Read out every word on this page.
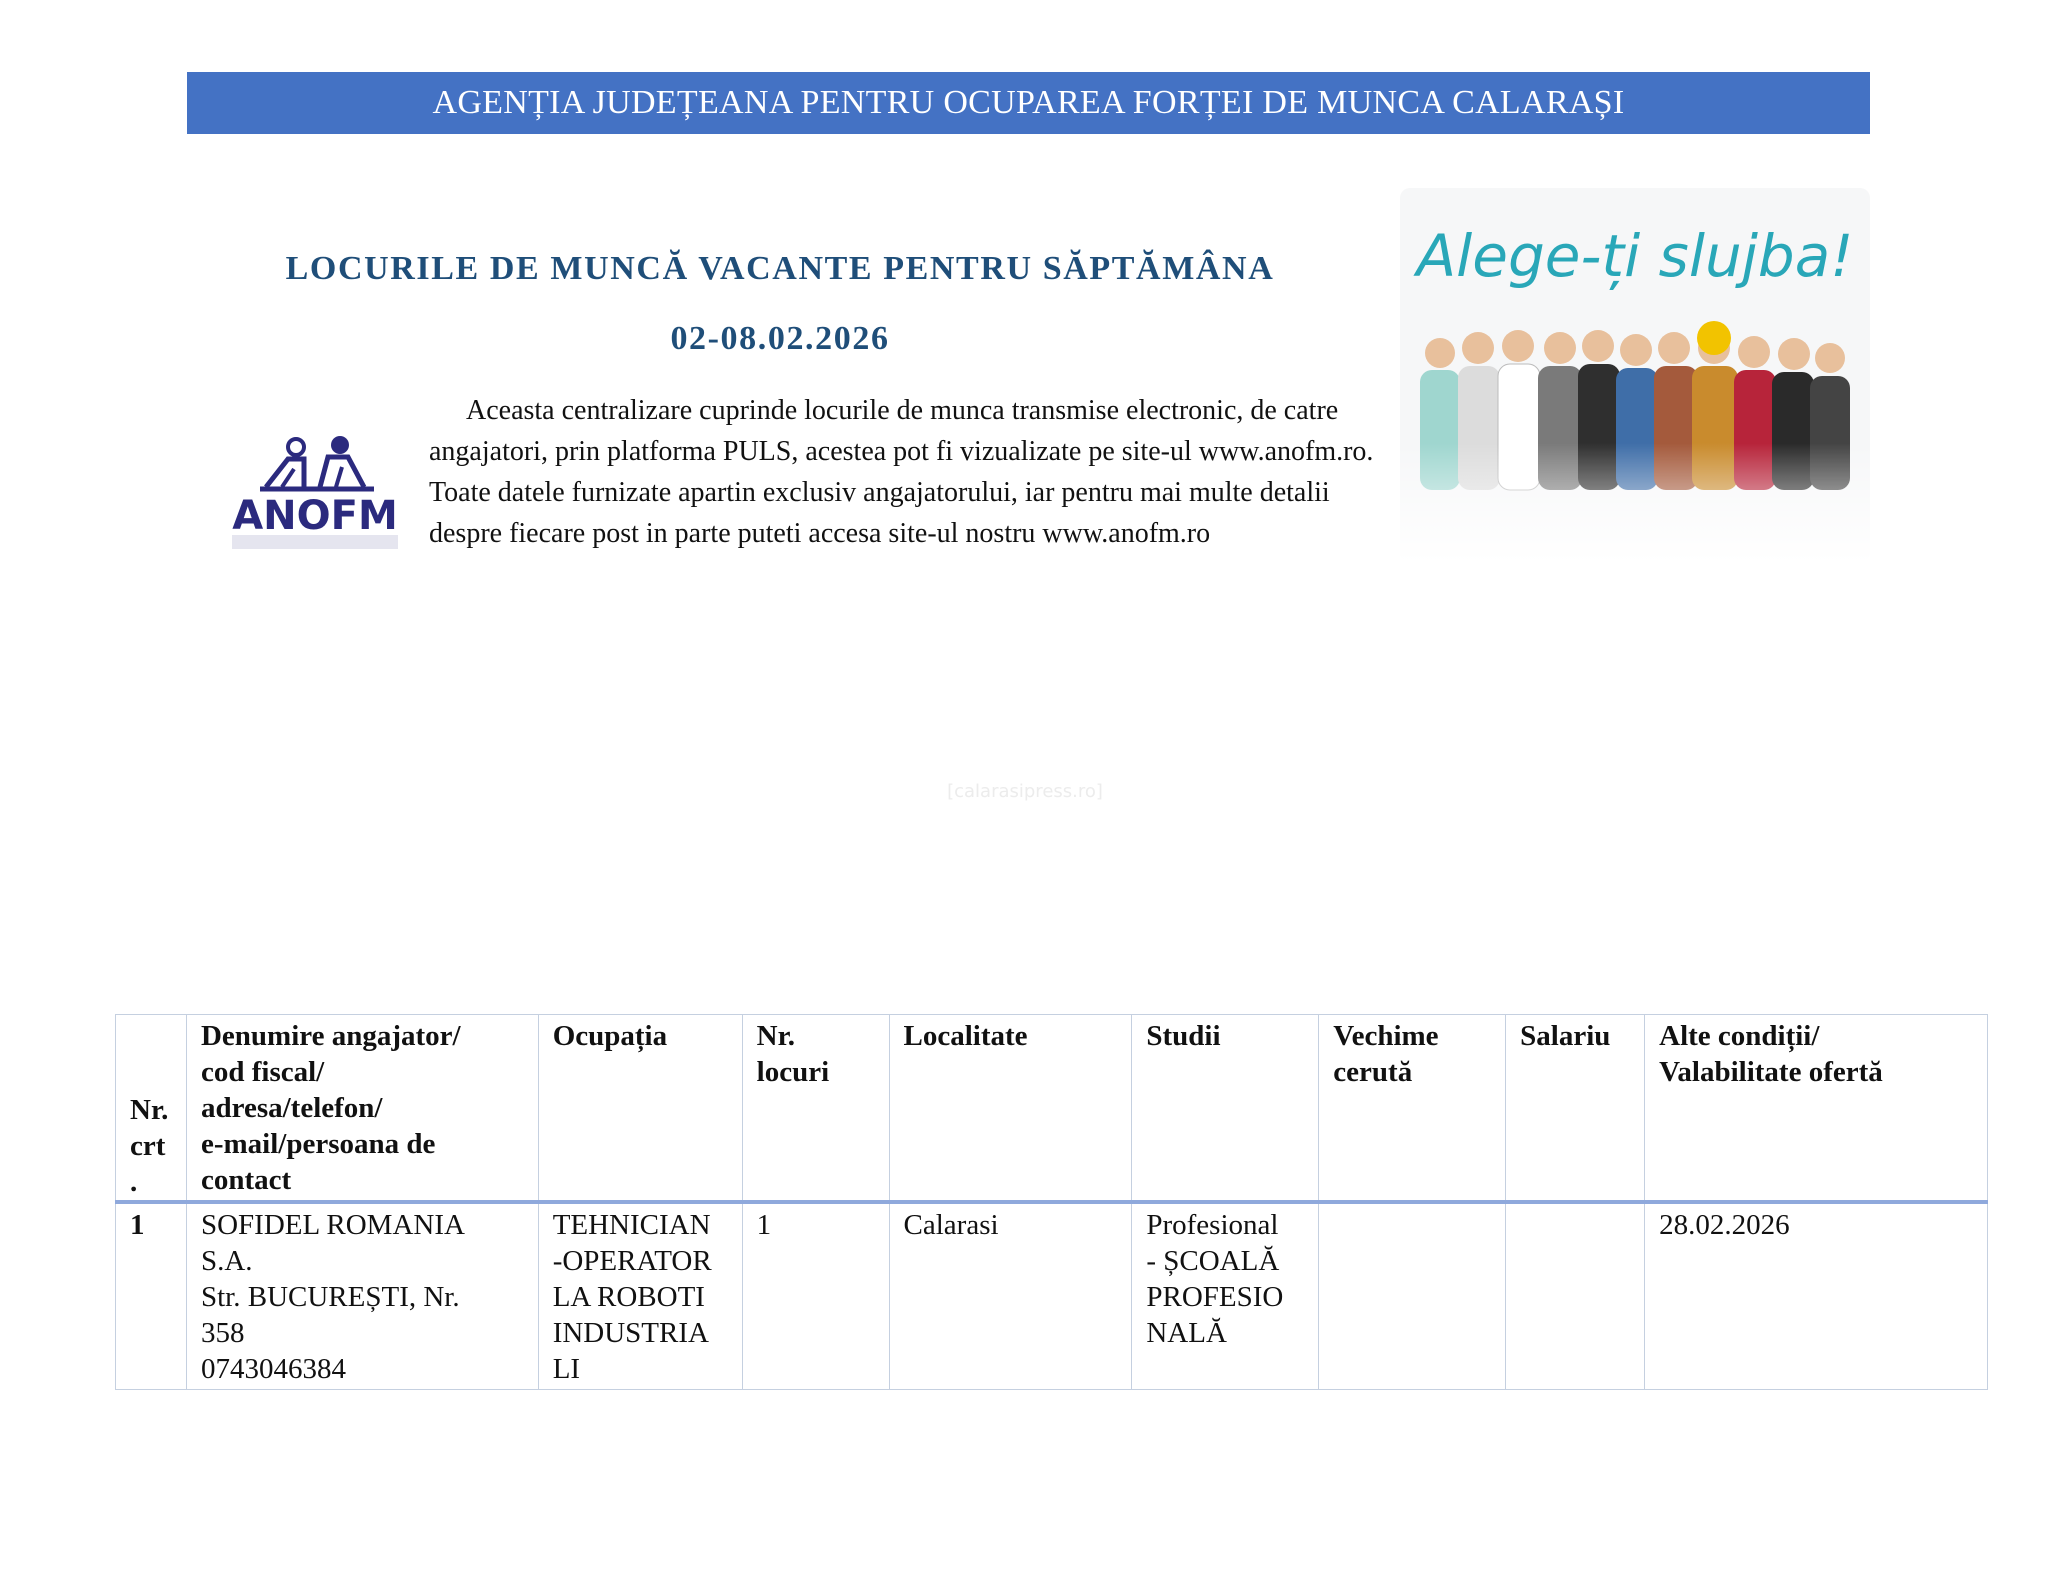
AGENȚIA JUDEȚEANA PENTRU OCUPAREA FORȚEI DE MUNCA CALARAȘI
LOCURILE DE MUNCĂ VACANTE PENTRU SĂPTĂMÂNA
02-08.02.2026
ANOFM
Aceasta centralizare cuprinde locurile de munca transmise electronic, de catre angajatori, prin platforma PULS, acestea pot fi vizualizate pe site-ul www.anofm.ro. Toate datele furnizate apartin exclusiv angajatorului, iar pentru mai multe detalii despre fiecare post in parte puteti accesa site-ul nostru www.anofm.ro
Alege-ți slujba!
[calarasipress.ro]
Nr.
crt
.	Denumire angajator/
cod fiscal/
adresa/telefon/
e-mail/persoana de
contact	Ocupația	Nr.
locuri	Localitate	Studii	Vechime
cerută	Salariu	Alte condiții/
Valabilitate ofertă
1	SOFIDEL ROMANIA
S.A.
Str. BUCUREȘTI, Nr.
358
0743046384	TEHNICIAN
-OPERATOR
LA ROBOTI
INDUSTRIA
LI	1	Calarasi	Profesional
- ȘCOALĂ
PROFESIO
NALĂ			28.02.2026
